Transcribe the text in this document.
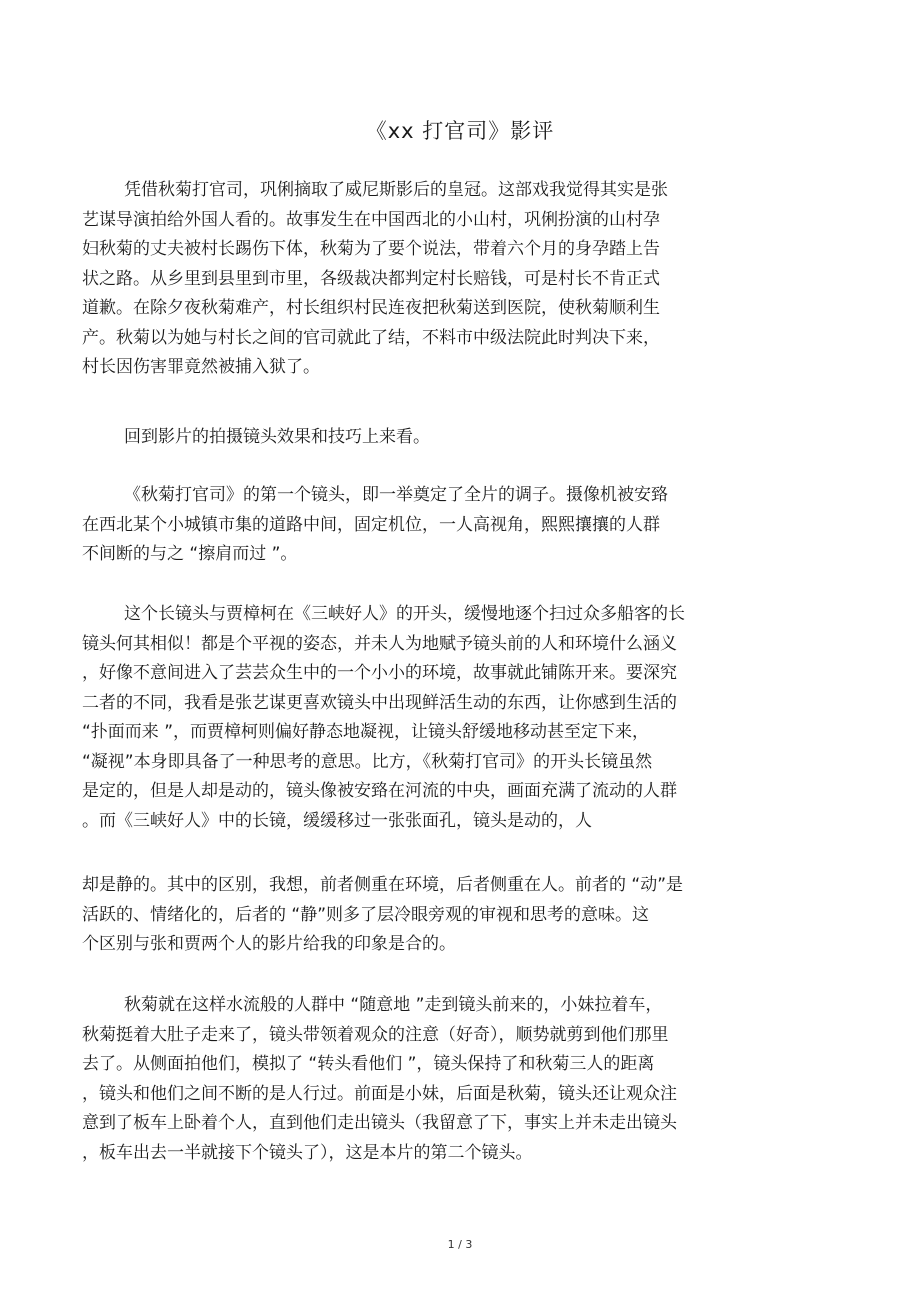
《xx 打官司》影评
凭借秋菊打官司，巩俐摘取了威尼斯影后的皇冠。这部戏我觉得其实是张
艺谋导演拍给外国人看的。故事发生在中国西北的小山村，巩俐扮演的山村孕
妇秋菊的丈夫被村长踢伤下体，秋菊为了要个说法，带着六个月的身孕踏上告
状之路。从乡里到县里到市里，各级裁决都判定村长赔钱，可是村长不肯正式
道歉。在除夕夜秋菊难产，村长组织村民连夜把秋菊送到医院，使秋菊顺利生
产。秋菊以为她与村长之间的官司就此了结，不料市中级法院此时判决下来，
村长因伤害罪竟然被捕入狱了。
回到影片的拍摄镜头效果和技巧上来看。
《秋菊打官司》的第一个镜头，即一举奠定了全片的调子。摄像机被安臵
在西北某个小城镇市集的道路中间，固定机位，一人高视角，熙熙攘攘的人群
不间断的与之 “擦肩而过 ”。
这个长镜头与贾樟柯在《三峡好人》的开头，缓慢地逐个扫过众多船客的长
镜头何其相似！都是个平视的姿态，并未人为地赋予镜头前的人和环境什么涵义
，好像不意间进入了芸芸众生中的一个小小的环境，故事就此铺陈开来。要深究
二者的不同，我看是张艺谋更喜欢镜头中出现鲜活生动的东西，让你感到生活的
“扑面而来 ”，而贾樟柯则偏好静态地凝视，让镜头舒缓地移动甚至定下来，
“凝视”本身即具备了一种思考的意思。比方，《秋菊打官司》的开头长镜虽然
是定的，但是人却是动的，镜头像被安臵在河流的中央，画面充满了流动的人群
。而《三峡好人》中的长镜，缓缓移过一张张面孔，镜头是动的，人
却是静的。其中的区别，我想，前者侧重在环境，后者侧重在人。前者的 “动”是
活跃的、情绪化的，后者的 “静”则多了层冷眼旁观的审视和思考的意味。这
个区别与张和贾两个人的影片给我的印象是合的。
秋菊就在这样水流般的人群中 “随意地 ”走到镜头前来的，小妹拉着车，
秋菊挺着大肚子走来了，镜头带领着观众的注意（好奇），顺势就剪到他们那里
去了。从侧面拍他们，模拟了 “转头看他们 ”，镜头保持了和秋菊三人的距离
，镜头和他们之间不断的是人行过。前面是小妹，后面是秋菊，镜头还让观众注
意到了板车上卧着个人，直到他们走出镜头（我留意了下，事实上并未走出镜头
，板车出去一半就接下个镜头了），这是本片的第二个镜头。
1 / 3
